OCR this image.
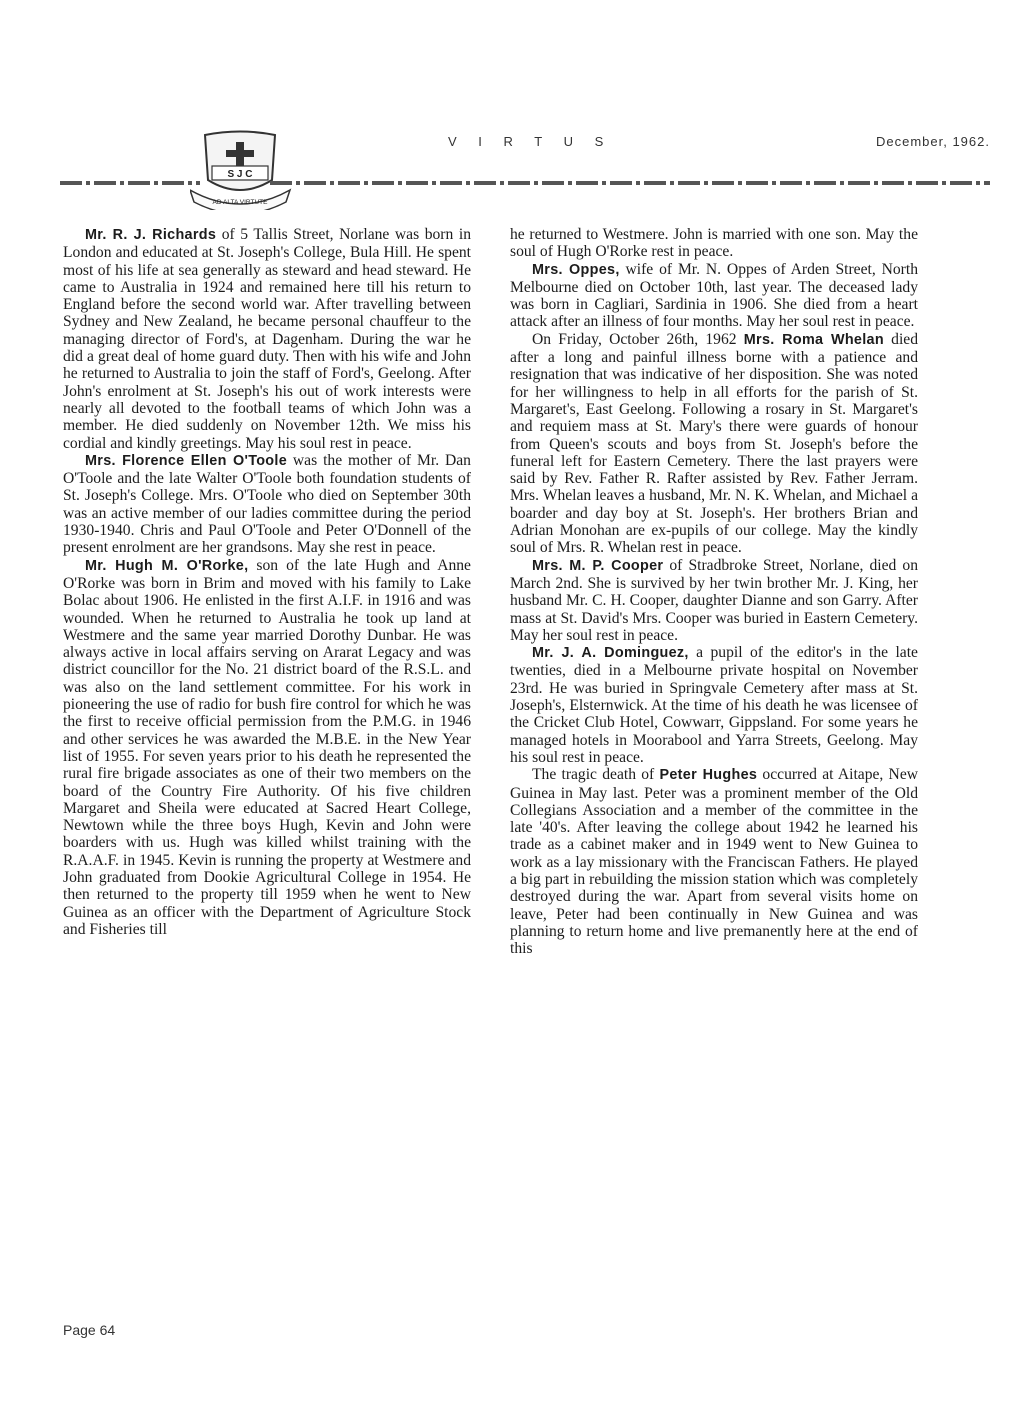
S J C
AD ALTA VIRTUTE
V I R T U S	December, 1962.

Mr. R. J. Richards of 5 Tallis Street, Norlane was born in London and educated at St. Joseph's College, Bula Hill. He spent most of his life at sea generally as steward and head steward. He came to Australia in 1924 and remained here till his return to England before the second world war. After travelling between Sydney and New Zealand, he became personal chauffeur to the managing director of Ford's, at Dagenham. During the war he did a great deal of home guard duty. Then with his wife and John he returned to Australia to join the staff of Ford's, Geelong. After John's enrolment at St. Joseph's his out of work interests were nearly all devoted to the football teams of which John was a member. He died suddenly on November 12th. We miss his cordial and kindly greetings. May his soul rest in peace.

Mrs. Florence Ellen O'Toole was the mother of Mr. Dan O'Toole and the late Walter O'Toole both foundation students of St. Joseph's College. Mrs. O'Toole who died on September 30th was an active member of our ladies committee during the period 1930-1940. Chris and Paul O'Toole and Peter O'Donnell of the present enrolment are her grandsons. May she rest in peace.

Mr. Hugh M. O'Rorke, son of the late Hugh and Anne O'Rorke was born in Brim and moved with his family to Lake Bolac about 1906. He enlisted in the first A.I.F. in 1916 and was wounded. When he returned to Australia he took up land at Westmere and the same year married Dorothy Dunbar. He was always active in local affairs serving on Ararat Legacy and was district councillor for the No. 21 district board of the R.S.L. and was also on the land settlement committee. For his work in pioneering the use of radio for bush fire control for which he was the first to receive official permission from the P.M.G. in 1946 and other services he was awarded the M.B.E. in the New Year list of 1955. For seven years prior to his death he represented the rural fire brigade associates as one of their two members on the board of the Country Fire Authority. Of his five children Margaret and Sheila were educated at Sacred Heart College, Newtown while the three boys Hugh, Kevin and John were boarders with us. Hugh was killed whilst training with the R.A.A.F. in 1945. Kevin is running the property at Westmere and John graduated from Dookie Agricultural College in 1954. He then returned to the property till 1959 when he went to New Guinea as an officer with the Department of Agriculture Stock and Fisheries till

he returned to Westmere. John is married with one son. May the soul of Hugh O'Rorke rest in peace.

Mrs. Oppes, wife of Mr. N. Oppes of Arden Street, North Melbourne died on October 10th, last year. The deceased lady was born in Cagliari, Sardinia in 1906. She died from a heart attack after an illness of four months. May her soul rest in peace.

On Friday, October 26th, 1962 Mrs. Roma Whelan died after a long and painful illness borne with a patience and resignation that was indicative of her disposition. She was noted for her willingness to help in all efforts for the parish of St. Margaret's, East Geelong. Following a rosary in St. Margaret's and requiem mass at St. Mary's there were guards of honour from Queen's scouts and boys from St. Joseph's before the funeral left for Eastern Cemetery. There the last prayers were said by Rev. Father R. Rafter assisted by Rev. Father Jerram. Mrs. Whelan leaves a husband, Mr. N. K. Whelan, and Michael a boarder and day boy at St. Joseph's. Her brothers Brian and Adrian Monohan are ex-pupils of our college. May the kindly soul of Mrs. R. Whelan rest in peace.

Mrs. M. P. Cooper of Stradbroke Street, Norlane, died on March 2nd. She is survived by her twin brother Mr. J. King, her husband Mr. C. H. Cooper, daughter Dianne and son Garry. After mass at St. David's Mrs. Cooper was buried in Eastern Cemetery. May her soul rest in peace.

Mr. J. A. Dominguez, a pupil of the editor's in the late twenties, died in a Melbourne private hospital on November 23rd. He was buried in Springvale Cemetery after mass at St. Joseph's, Elsternwick. At the time of his death he was licensee of the Cricket Club Hotel, Cowwarr, Gippsland. For some years he managed hotels in Moorabool and Yarra Streets, Geelong. May his soul rest in peace.

The tragic death of Peter Hughes occurred at Aitape, New Guinea in May last. Peter was a prominent member of the Old Collegians Association and a member of the committee in the late '40's. After leaving the college about 1942 he learned his trade as a cabinet maker and in 1949 went to New Guinea to work as a lay missionary with the Franciscan Fathers. He played a big part in rebuilding the mission station which was completely destroyed during the war. Apart from several visits home on leave, Peter had been continually in New Guinea and was planning to return home and live premanently here at the end of this

Page 64
